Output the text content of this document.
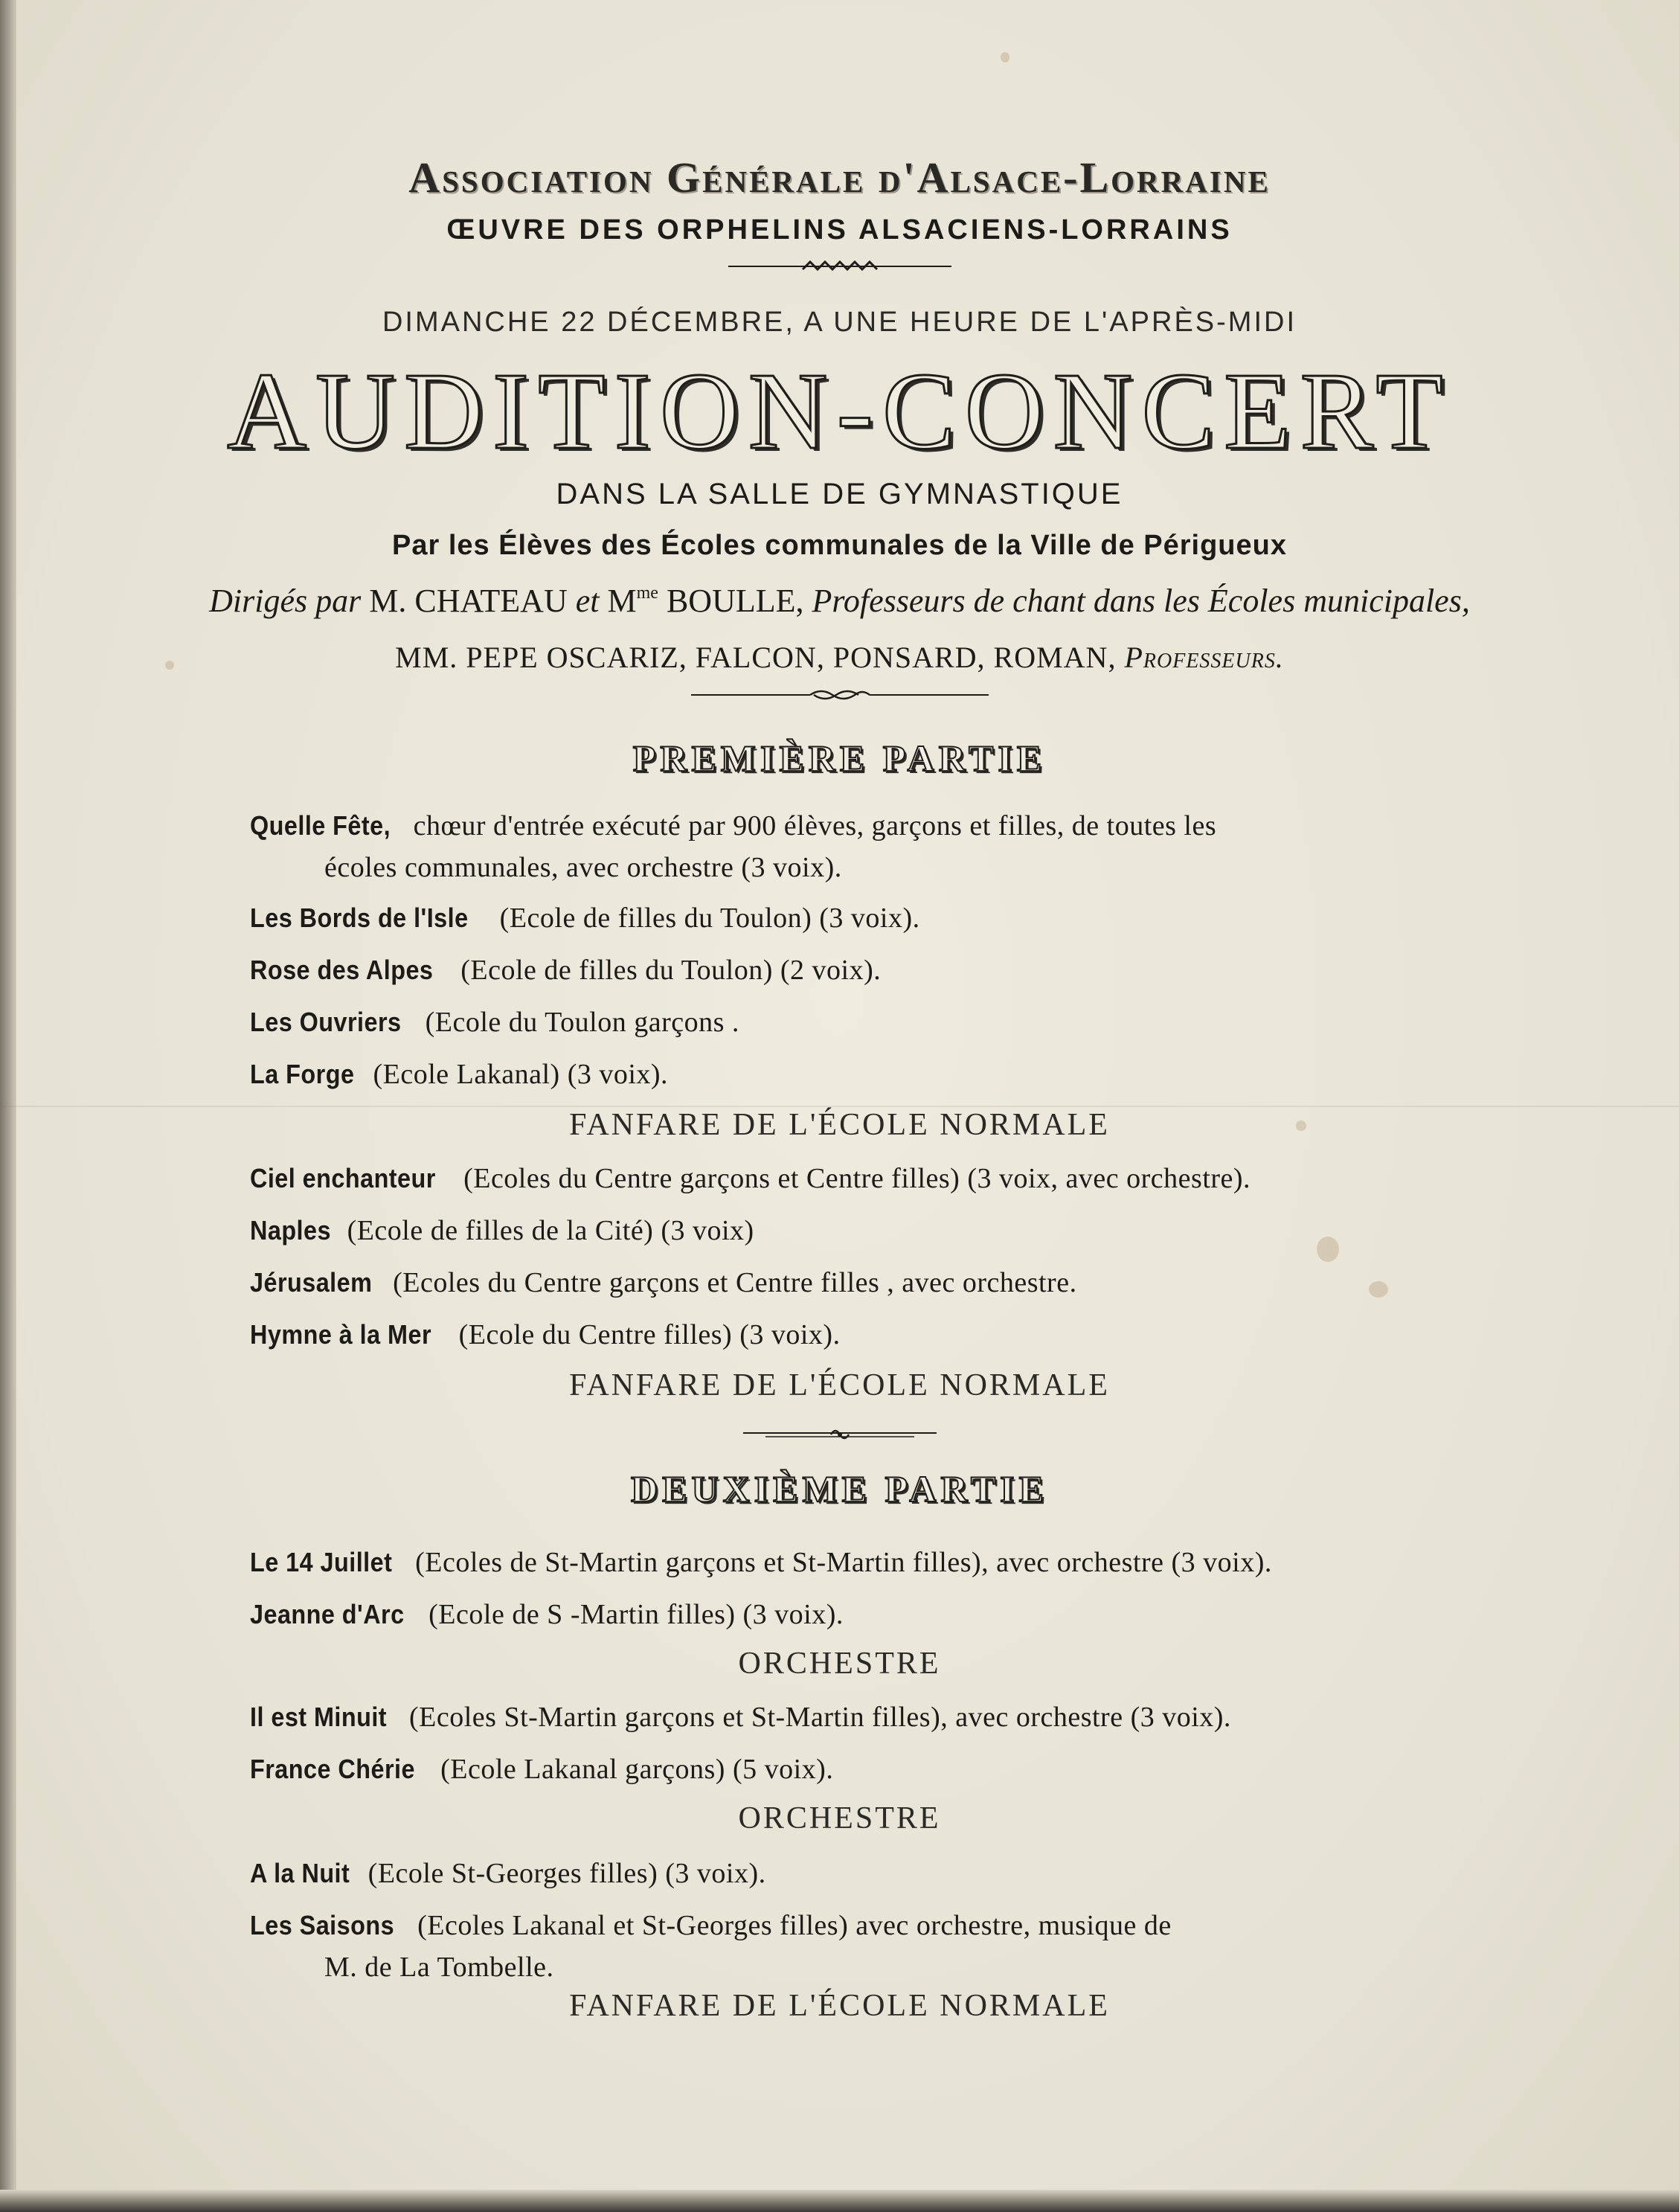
Association Générale d'Alsace-Lorraine
ŒUVRE DES ORPHELINS ALSACIENS-LORRAINS
DIMANCHE 22 DÉCEMBRE, A UNE HEURE DE L'APRÈS-MIDI
AUDITION-CONCERT
DANS LA SALLE DE GYMNASTIQUE
Par les Élèves des Écoles communales de la Ville de Périgueux
Dirigés par M. CHATEAU et $M^{me}$ BOULLE, Professeurs de chant dans les Écoles municipales,
MM. PEPE OSCARIZ, FALCON, PONSARD, ROMAN, Professeurs.
PREMIÈRE PARTIE
Quelle Fête, chœur d'entrée exécuté par 900 élèves, garçons et filles, de toutes les
écoles communales, avec orchestre (3 voix).
Les Bords de l'Isle (Ecole de filles du Toulon) (3 voix).
Rose des Alpes (Ecole de filles du Toulon) (2 voix).
Les Ouvriers (Ecole du Toulon garçons .
La Forge (Ecole Lakanal) (3 voix).
FANFARE DE L'ÉCOLE NORMALE
Ciel enchanteur (Ecoles du Centre garçons et Centre filles) (3 voix, avec orchestre).
Naples (Ecole de filles de la Cité) (3 voix)
Jérusalem (Ecoles du Centre garçons et Centre filles , avec orchestre.
Hymne à la Mer (Ecole du Centre filles) (3 voix).
FANFARE DE L'ÉCOLE NORMALE
DEUXIÈME PARTIE
Le 14 Juillet (Ecoles de St-Martin garçons et St-Martin filles), avec orchestre (3 voix).
Jeanne d'Arc (Ecole de S -Martin filles) (3 voix).
ORCHESTRE
Il est Minuit (Ecoles St-Martin garçons et St-Martin filles), avec orchestre (3 voix).
France Chérie (Ecole Lakanal garçons) (5 voix).
ORCHESTRE
A la Nuit (Ecole St-Georges filles) (3 voix).
Les Saisons (Ecoles Lakanal et St-Georges filles) avec orchestre, musique de
M. de La Tombelle.
FANFARE DE L'ÉCOLE NORMALE
